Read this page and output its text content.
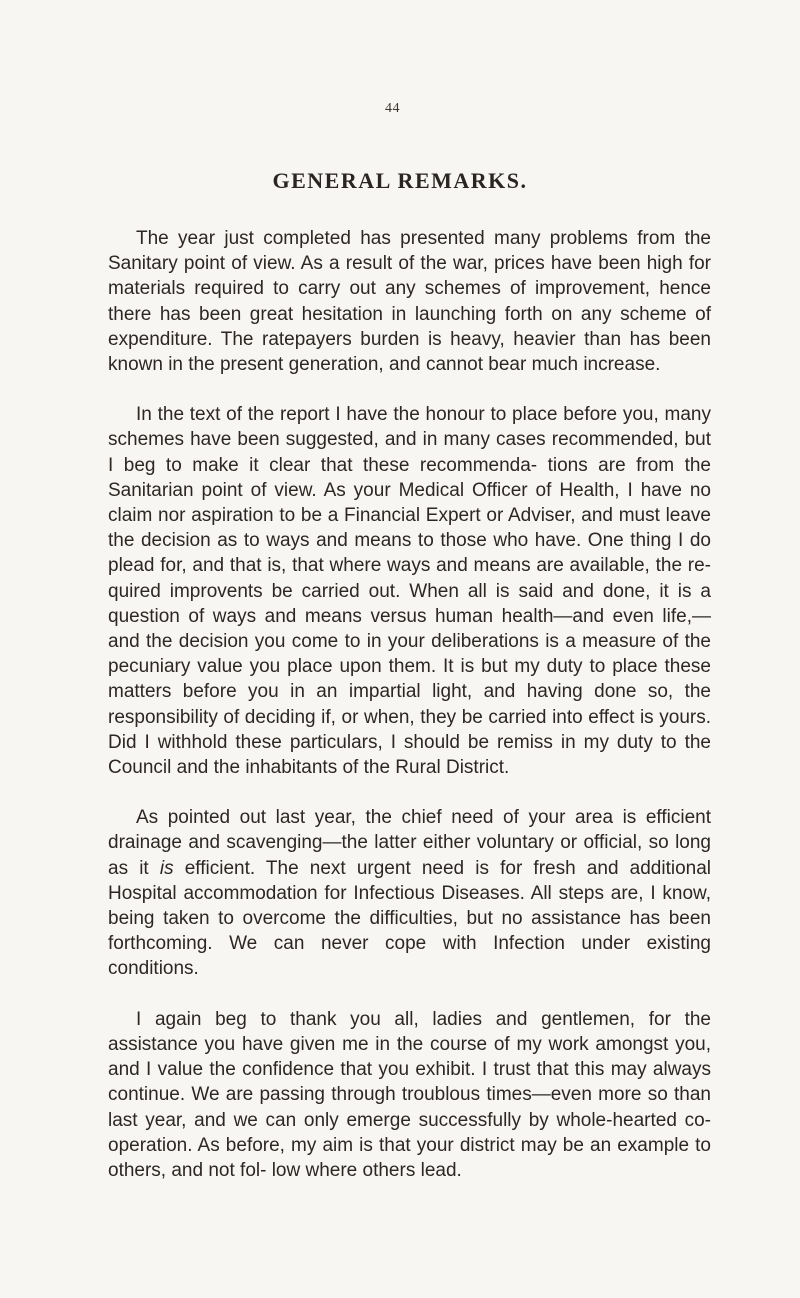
44
GENERAL REMARKS.

The year just completed has presented many problems from the Sanitary point of view. As a result of the war, prices have been high for materials required to carry out any schemes of improvement, hence there has been great hesitation in launching forth on any scheme of expenditure. The ratepayers burden is heavy, heavier than has been known in the present generation, and cannot bear much increase.

In the text of the report I have the honour to place before you, many schemes have been suggested, and in many cases recommended, but I beg to make it clear that these recommenda- tions are from the Sanitarian point of view. As your Medical Officer of Health, I have no claim nor aspiration to be a Financial Expert or Adviser, and must leave the decision as to ways and means to those who have. One thing I do plead for, and that is, that where ways and means are available, the re- quired improvents be carried out. When all is said and done, it is a question of ways and means versus human health—and even life,—and the decision you come to in your deliberations is a measure of the pecuniary value you place upon them. It is but my duty to place these matters before you in an impartial light, and having done so, the responsibility of deciding if, or when, they be carried into effect is yours. Did I withhold these particulars, I should be remiss in my duty to the Council and the inhabitants of the Rural District.

As pointed out last year, the chief need of your area is efficient drainage and scavenging—the latter either voluntary or official, so long as it is efficient. The next urgent need is for fresh and additional Hospital accommodation for Infectious Diseases. All steps are, I know, being taken to overcome the difficulties, but no assistance has been forthcoming. We can never cope with Infection under existing conditions.

I again beg to thank you all, ladies and gentlemen, for the assistance you have given me in the course of my work amongst you, and I value the confidence that you exhibit. I trust that this may always continue. We are passing through troublous times—even more so than last year, and we can only emerge successfully by whole-hearted co-operation. As before, my aim is that your district may be an example to others, and not fol- low where others lead.
